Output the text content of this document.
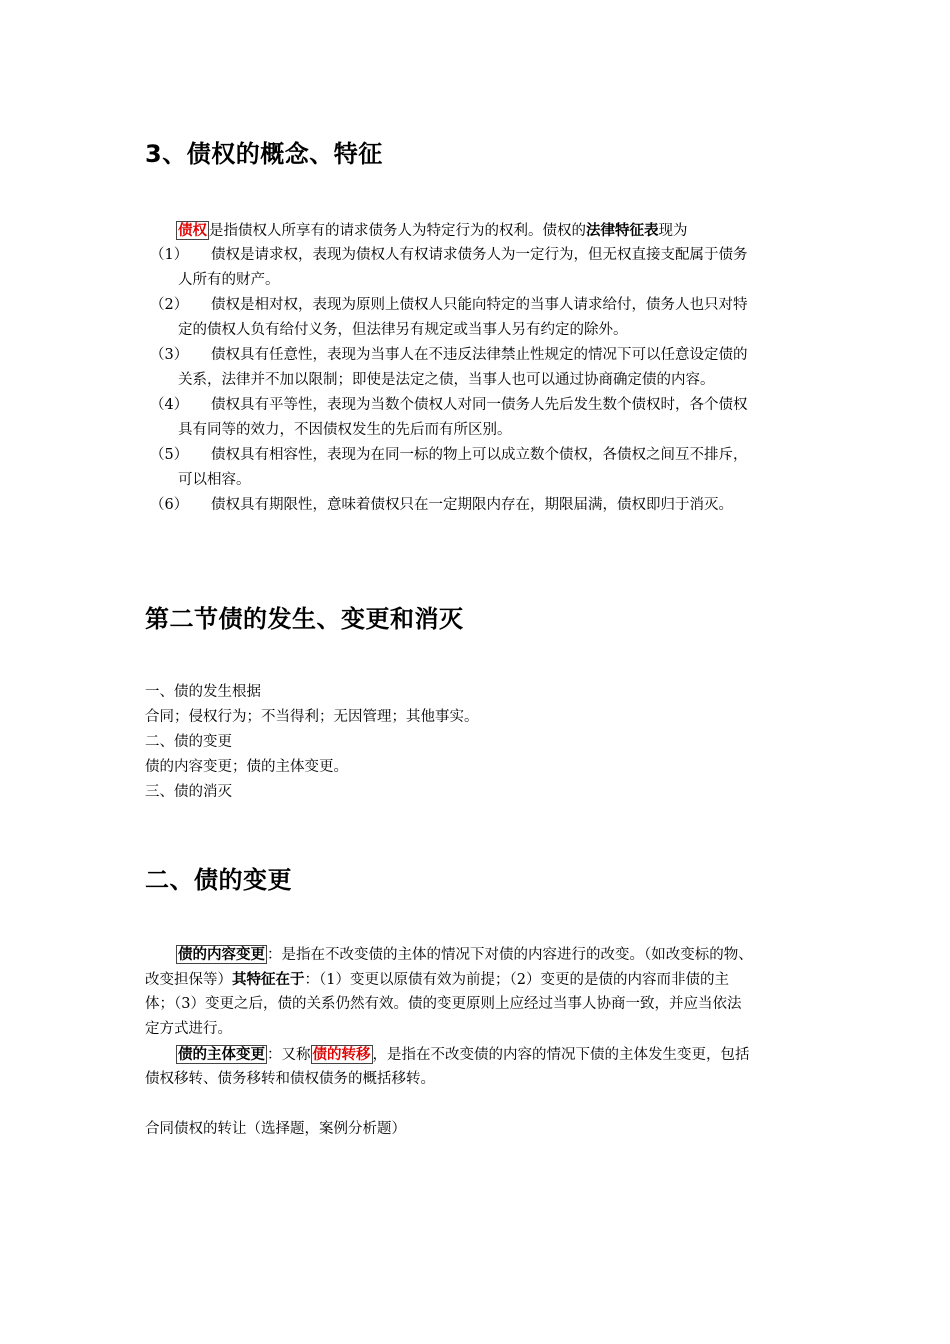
3、债权的概念、特征
债权 是指债权人所享有的请求债务人为特定行为的权利。债权的法律特征表现为
（1） 债权是请求权，表现为债权人有权请求债务人为一定行为，但无权直接支配属于债务
人所有的财产。
（2） 债权是相对权，表现为原则上债权人只能向特定的当事人请求给付，债务人也只对特
定的债权人负有给付义务，但法律另有规定或当事人另有约定的除外。
（3） 债权具有任意性，表现为当事人在不违反法律禁止性规定的情况下可以任意设定债的
关系，法律并不加以限制；即使是法定之债，当事人也可以通过协商确定债的内容。
（4） 债权具有平等性，表现为当数个债权人对同一债务人先后发生数个债权时，各个债权
具有同等的效力，不因债权发生的先后而有所区别。
（5） 债权具有相容性，表现为在同一标的物上可以成立数个债权，各债权之间互不排斥，
可以相容。
（6） 债权具有期限性，意味着债权只在一定期限内存在，期限届满，债权即归于消灭。
第二节债的发生、变更和消灭
一、债的发生根据
合同；侵权行为；不当得利；无因管理；其他事实。
二、债的变更
债的内容变更；债的主体变更。
三、债的消灭
二、债的变更
债的内容变更 ：是指在不改变债的主体的情况下对债的内容进行的改变。（如改变标的物、
改变担保等）其特征在于：（1）变更以原债有效为前提；（2）变更的是债的内容而非债的主
体；（3）变更之后，债的关系仍然有效。债的变更原则上应经过当事人协商一致，并应当依法
定方式进行。
债的主体变更 ：又称 债的转移 ，是指在不改变债的内容的情况下债的主体发生变更，包括
债权移转、债务移转和债权债务的概括移转。
合同债权的转让（选择题，案例分析题）
